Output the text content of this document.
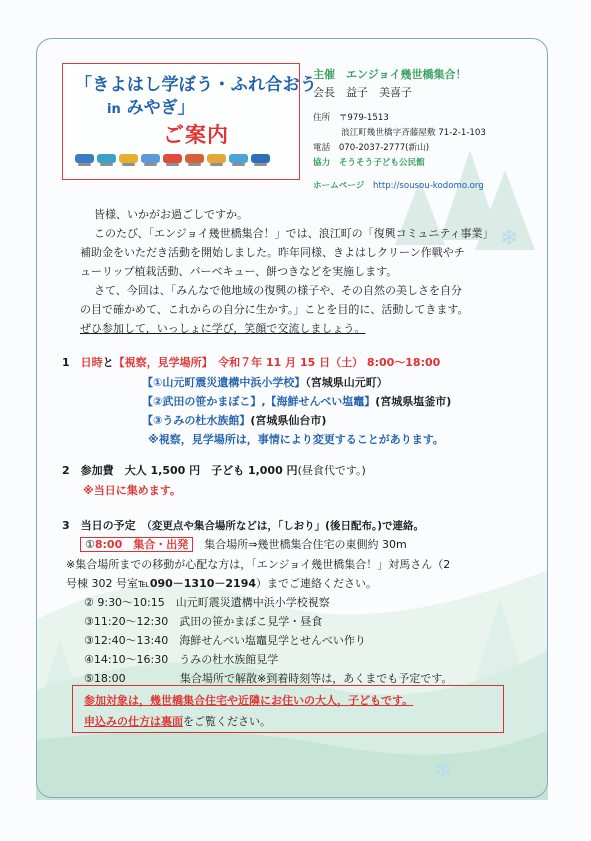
「きよはし学ぼう・ふれ合おう
in みやぎ」
ご案内
主催　 エンジョイ幾世橋集合！
会長　 益子　美喜子
住所　 〒979-1513
浪江町幾世橋字斉藤屋敷 71-2-1-103
電話　 070-2037-2777(新山)
協力　 そうそう子ども公民館
ホームページ　 http://sousou-kodomo.org
皆様、いかがお過ごしですか。
このたび、「エンジョイ幾世橋集合！」では、浪江町の「復興コミュニティ事業」
補助金をいただき活動を開始しました。昨年同様、きよはしクリーン作戦やチ
ューリップ植栽活動、バーベキュー、餅つきなどを実施します。
さて、今回は、「みんなで他地域の復興の様子や、その自然の美しさを自分
の目で確かめて、これからの自分に生かす。」ことを目的に、活動してきます。
ぜひ参加して，いっしょに学び，笑顔で交流しましょう。
1　 日時と【視察，見学場所】　 令和７年 11 月 15 日（土） 8:00～18:00
【①山元町震災遺構中浜小学校】（宮城県山元町）
【②武田の笹かまぼこ】,【海鮮せんべい塩竈】(宮城県塩釜市)
【③うみの杜水族館】(宮城県仙台市)
※視察，見学場所は，事情により変更することがあります。
2　 参加費　大人 1,500 円　子ども 1,000 円(昼食代です。)
※当日に集めます。
3　 当日の予定　 （変更点や集合場所などは，「しおり」(後日配布。)で連絡。
①8:00　集合・出発　 集合場所⇒幾世橋集合住宅の東側約 30m
※集合場所までの移動が心配な方は，「エンジョイ幾世橋集合！」対馬さん（2
号棟 302 号室℡090－1310－2194）までご連絡ください。
② 9:30～10:15　 山元町震災遺構中浜小学校視察
③11:20～12:30　 武田の笹かまぼこ見学・昼食
③12:40～13:40　 海鮮せんべい塩竈見学とせんべい作り
④14:10～16:30　 うみの杜水族館見学
⑤18:00	集合場所で解散※到着時刻等は，あくまでも予定です。
参加対象は，幾世橋集合住宅や近隣にお住いの大人，子どもです。
申込みの仕方は裏面をご覧ください。
❄
❄
